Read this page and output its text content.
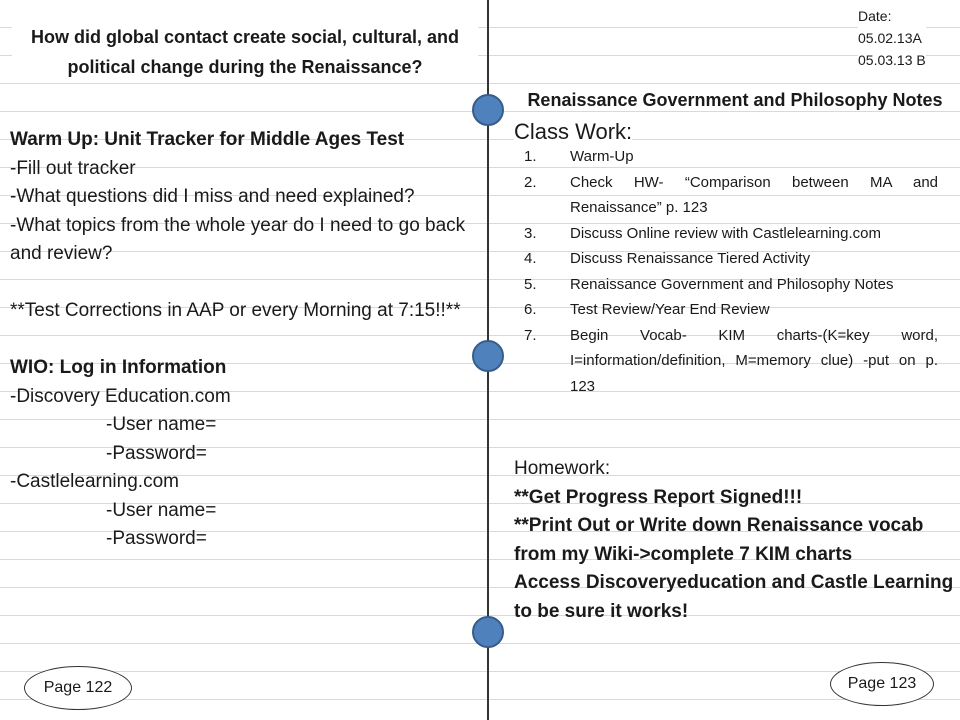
How did global contact create social, cultural, and political change during the Renaissance?
Date:
05.02.13A
05.03.13 B
Renaissance Government and Philosophy Notes
Class Work:

Warm Up: Unit Tracker for Middle Ages Test

-Fill out tracker

-What questions did I miss and need explained?

-What topics from the whole year do I need to go back and review?

**Test Corrections in AAP or every Morning at 7:15!!**

WIO: Log in Information

-Discovery Education.com

-User name=

-Password=

-Castlelearning.com

-User name=

-Password=

1.	Warm-Up
2.	Check HW- “Comparison between MA and Renaissance” p. 123
3.	Discuss Online review with Castlelearning.com
4.	Discuss Renaissance Tiered Activity
5.	Renaissance Government and Philosophy Notes
6.	Test Review/Year End Review
7.	Begin Vocab- KIM charts-(K=key word, I=information/definition, M=memory clue) -put on p. 123

Homework:

**Get Progress Report Signed!!!

**Print Out or Write down Renaissance vocab from my Wiki->complete 7 KIM charts

Access Discoveryeducation and Castle Learning to be sure it works!

Page 122	Page 123
